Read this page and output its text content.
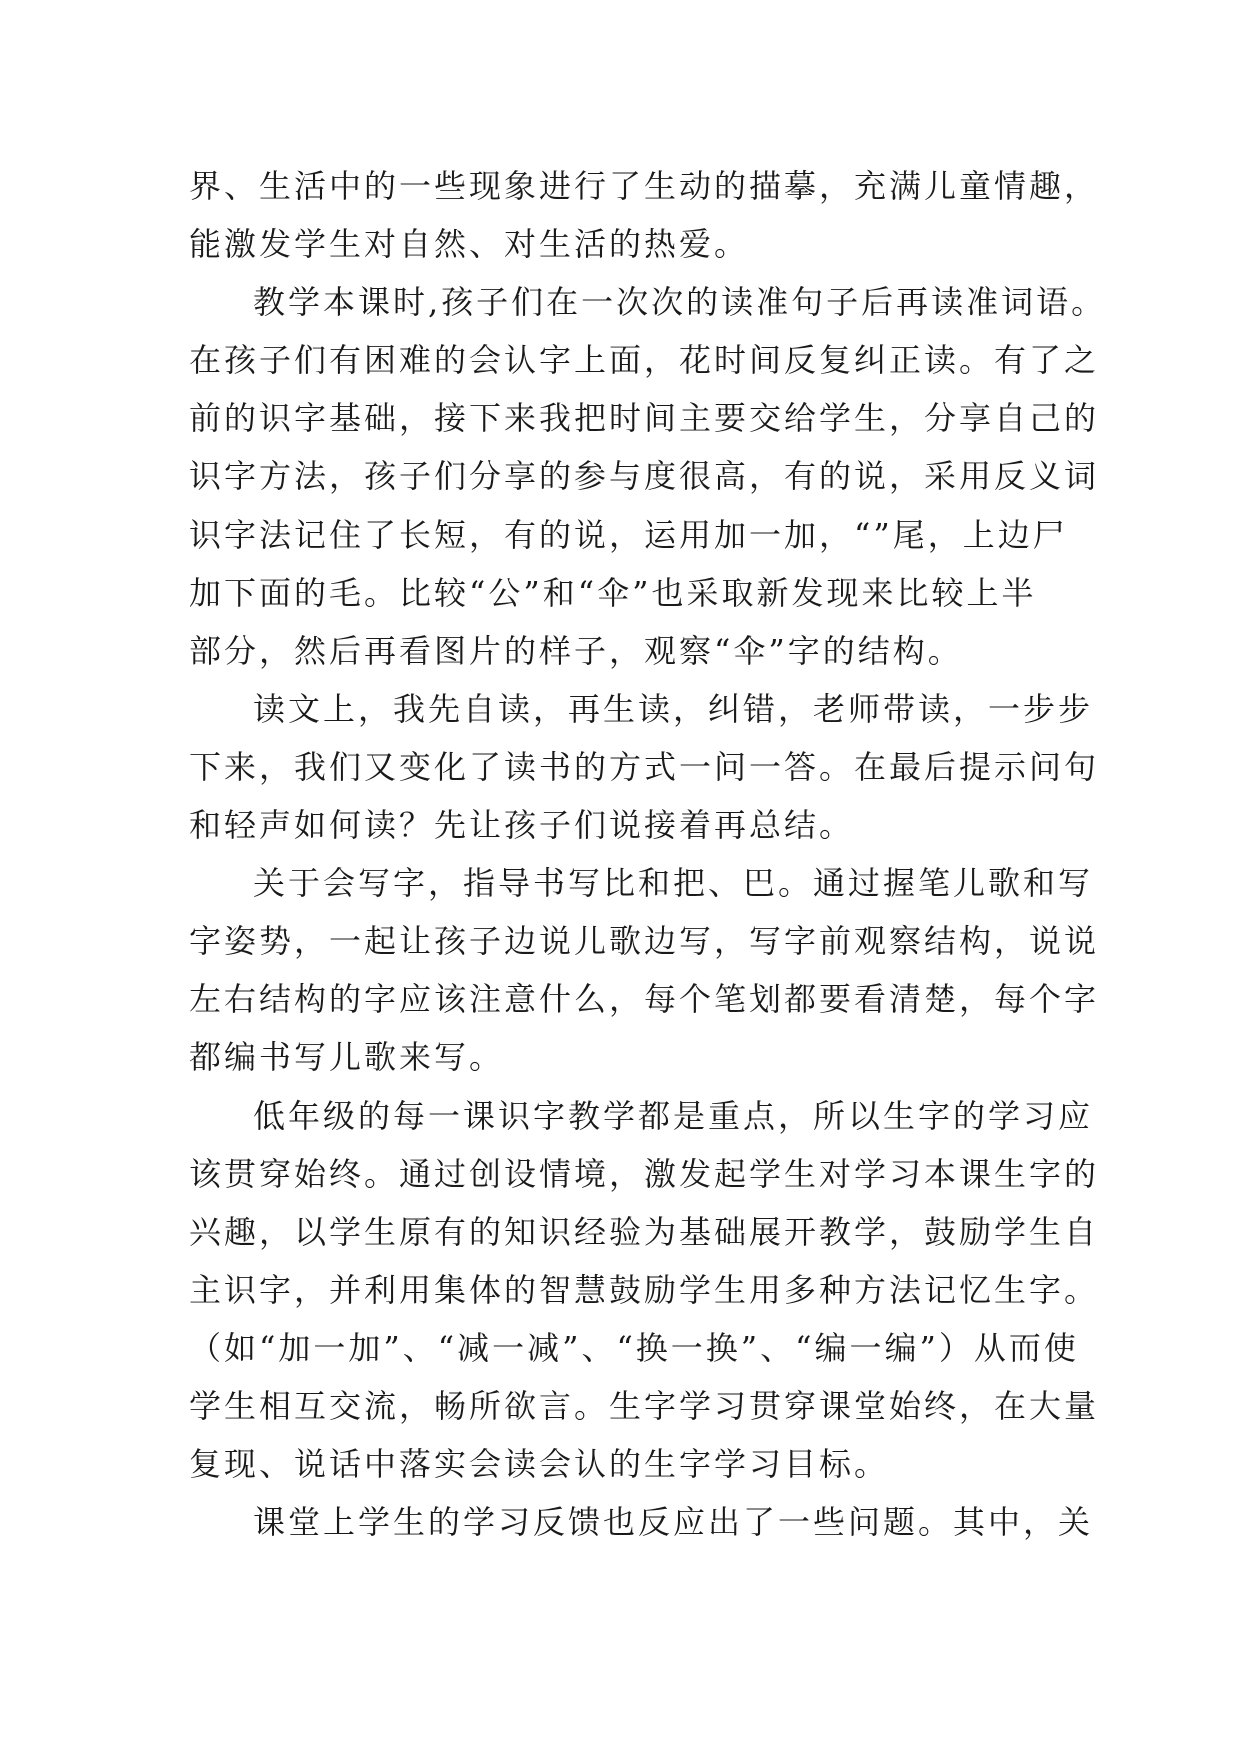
界、生活中的一些现象进行了生动的描摹，充满儿童情趣，
能激发学生对自然、对生活的热爱。
教学本课时,孩子们在一次次的读准句子后再读准词语。
在孩子们有困难的会认字上面，花时间反复纠正读。有了之
前的识字基础，接下来我把时间主要交给学生，分享自己的
识字方法，孩子们分享的参与度很高，有的说，采用反义词
识字法记住了长短，有的说，运用加一加，“”尾，上边尸
加下面的毛。比较“公”和“伞”也采取新发现来比较上半
部分，然后再看图片的样子，观察“伞”字的结构。
读文上，我先自读，再生读，纠错，老师带读，一步步
下来，我们又变化了读书的方式一问一答。在最后提示问句
和轻声如何读？先让孩子们说接着再总结。
关于会写字，指导书写比和把、巴。通过握笔儿歌和写
字姿势，一起让孩子边说儿歌边写，写字前观察结构，说说
左右结构的字应该注意什么，每个笔划都要看清楚，每个字
都编书写儿歌来写。
低年级的每一课识字教学都是重点，所以生字的学习应
该贯穿始终。通过创设情境，激发起学生对学习本课生字的
兴趣，以学生原有的知识经验为基础展开教学，鼓励学生自
主识字，并利用集体的智慧鼓励学生用多种方法记忆生字。
（如“加一加”、“减一减”、“换一换”、“编一编”）从而使
学生相互交流，畅所欲言。生字学习贯穿课堂始终，在大量
复现、说话中落实会读会认的生字学习目标。
课堂上学生的学习反馈也反应出了一些问题。其中，关
